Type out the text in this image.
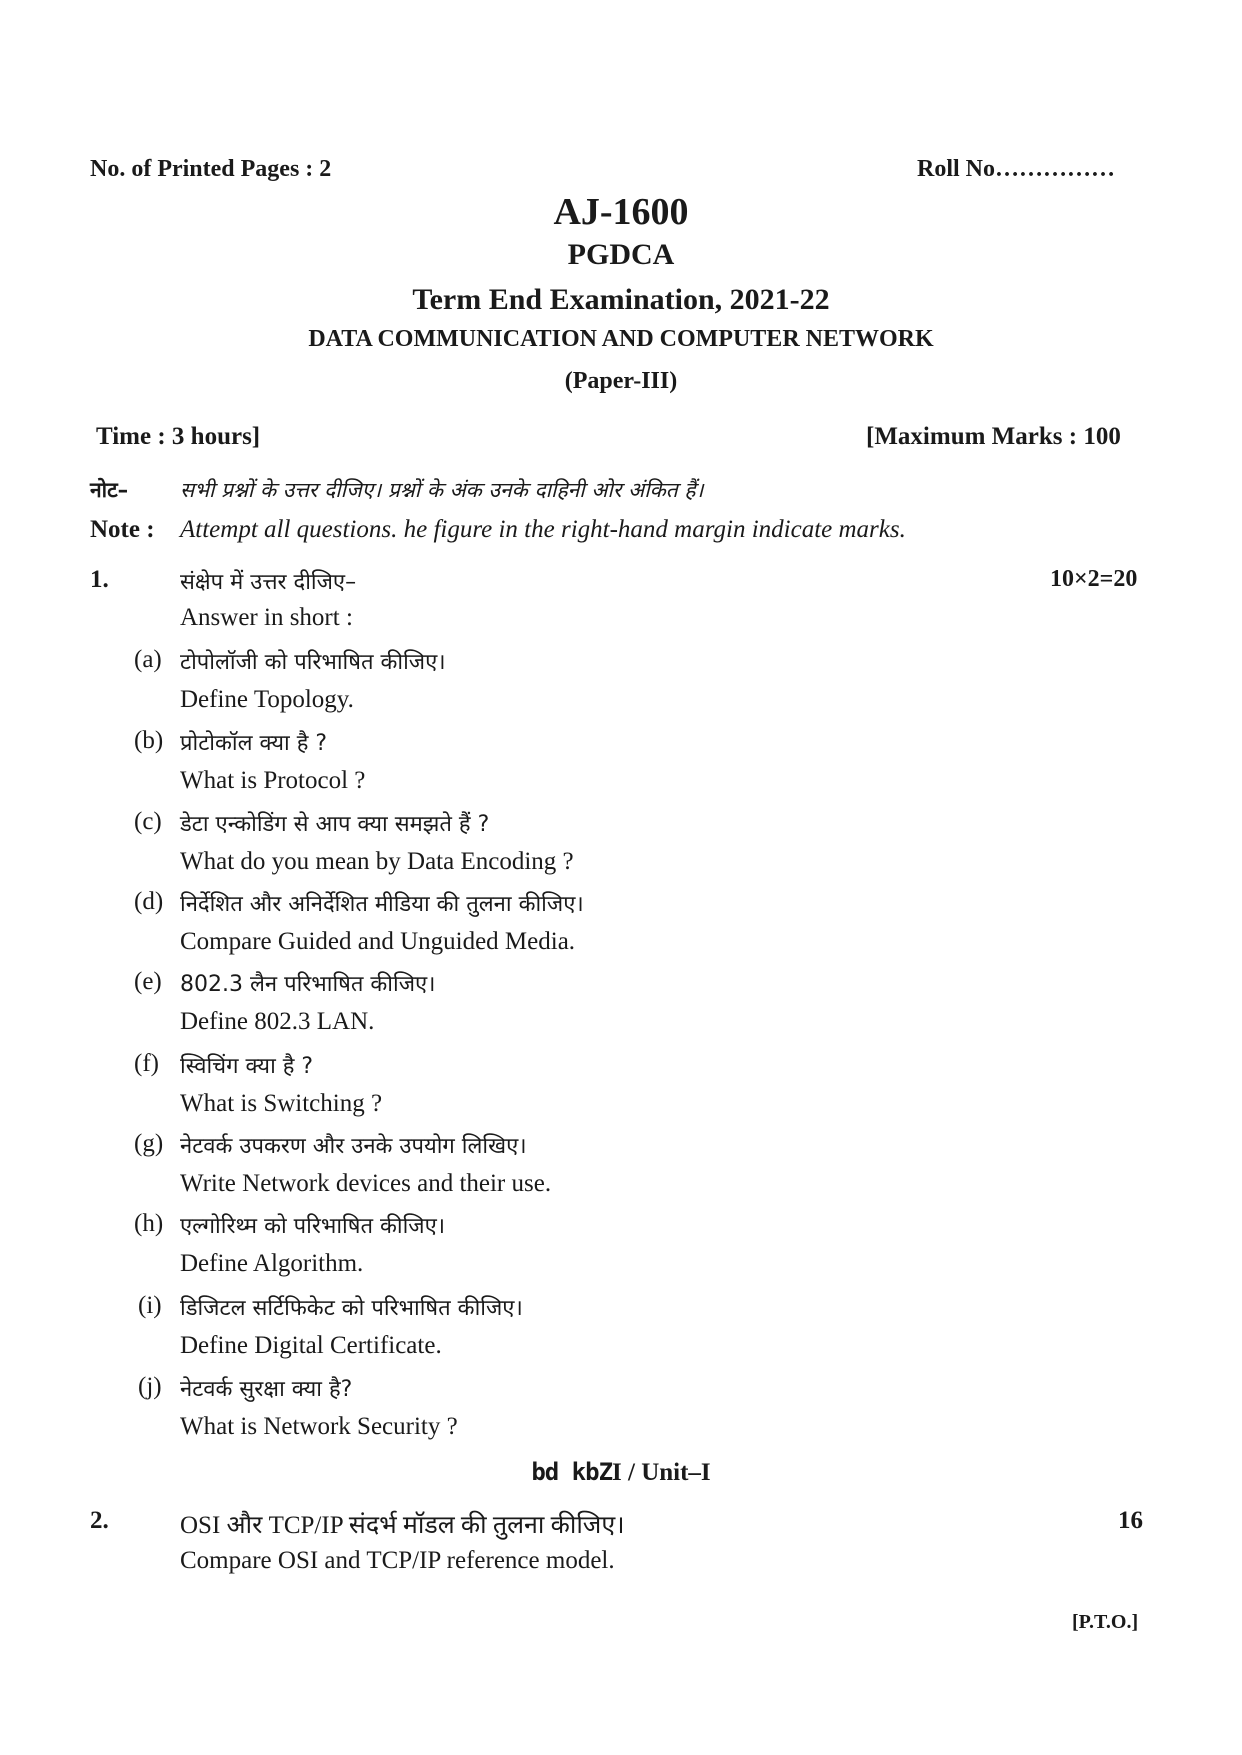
No. of Printed Pages : 2	Roll No……………
AJ-1600
PGDCA
Term End Examination, 2021-22
DATA COMMUNICATION AND COMPUTER NETWORK
(Paper-III)
Time : 3 hours]	[Maximum Marks : 100
नोट– सभी प्रश्नों के उत्तर दीजिए। प्रश्नों के अंक उनके दाहिनी ओर अंकित हैं।
Note : Attempt all questions. he figure in the right-hand margin indicate marks.
1.	संक्षेप में उत्तर दीजिए–	10×2=20
Answer in short :
(a) टोपोलॉजी को परिभाषित कीजिए।
Define Topology.
(b) प्रोटोकॉल क्या है ?
What is Protocol ?
(c) डेटा एन्कोडिंग से आप क्या समझते हैं ?
What do you mean by Data Encoding ?
(d) निर्देशित और अनिर्देशित मीडिया की तुलना कीजिए।
Compare Guided and Unguided Media.
(e) 802.3 लैन परिभाषित कीजिए।
Define 802.3 LAN.
(f) स्विचिंग क्या है ?
What is Switching ?
(g) नेटवर्क उपकरण और उनके उपयोग लिखिए।
Write Network devices and their use.
(h) एल्गोरिथ्म को परिभाषित कीजिए।
Define Algorithm.
(i) डिजिटल सर्टिफिकेट को परिभाषित कीजिए।
Define Digital Certificate.
(j) नेटवर्क सुरक्षा क्या है?
What is Network Security ?
bd kbZI / Unit–I
2.	OSI और TCP/IP संदर्भ मॉडल की तुलना कीजिए।	16
Compare OSI and TCP/IP reference model.
[P.T.O.]
